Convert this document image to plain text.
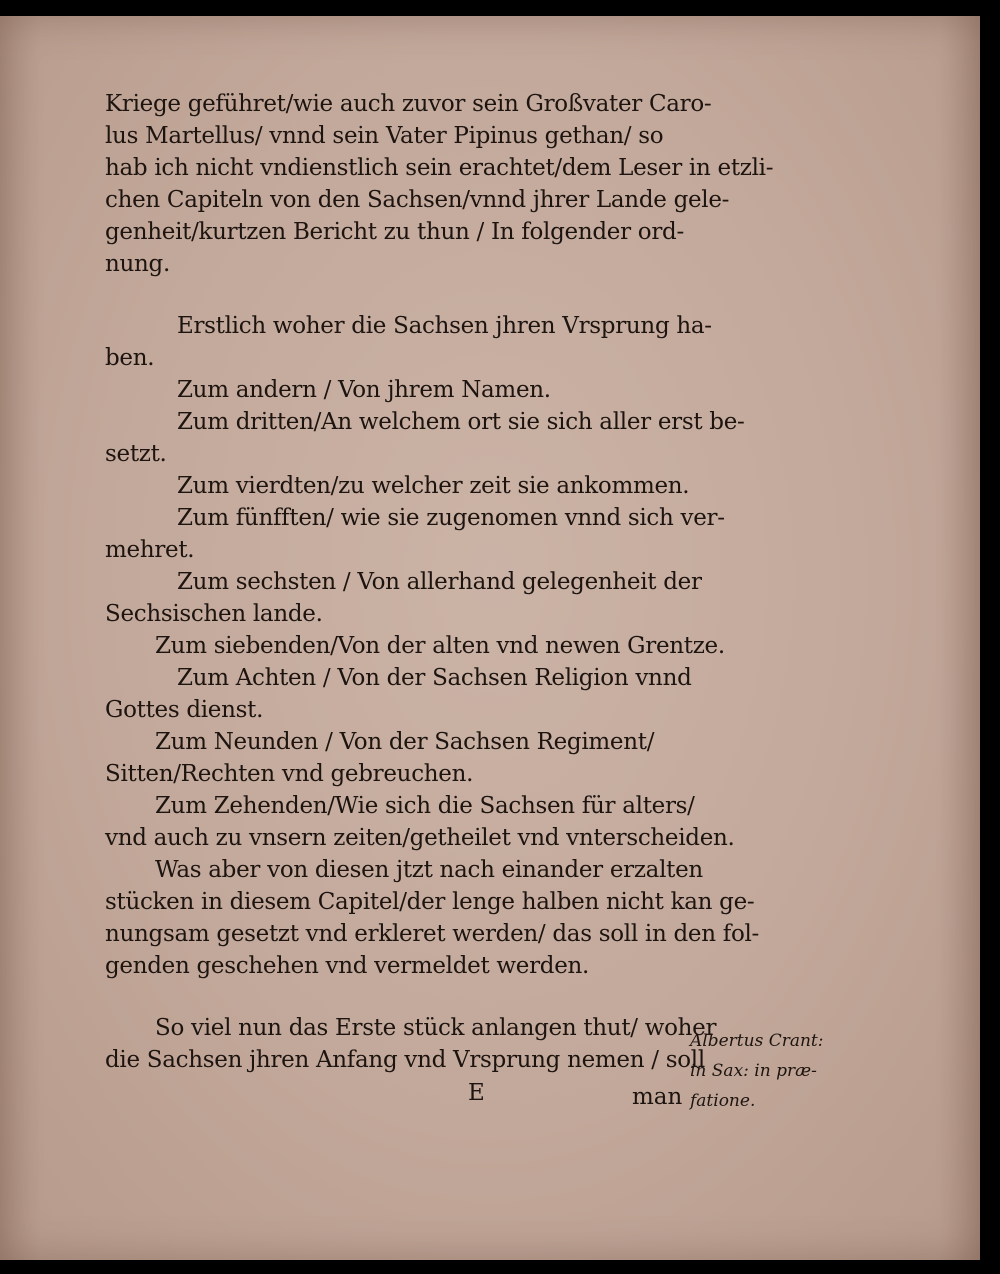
Kriege geführet/wie auch zuvor sein Großvater Caro-
lus Martellus/ vnnd sein Vater Pipinus gethan/ so
hab ich nicht vndienstlich sein erachtet/dem Leser in etzli-
chen Capiteln von den Sachsen/vnnd jhrer Lande gele-
genheit/kurtzen Bericht zu thun / In folgender ord-
nung.
Erstlich woher die Sachsen jhren Vrsprung ha-
ben.
Zum andern / Von jhrem Namen.
Zum dritten/An welchem ort sie sich aller erst be-
setzt.
Zum vierdten/zu welcher zeit sie ankommen.
Zum fünfften/ wie sie zugenomen vnnd sich ver-
mehret.
Zum sechsten / Von allerhand gelegenheit der
Sechsischen lande.
Zum siebenden/Von der alten vnd newen Grentze.
Zum Achten / Von der Sachsen Religion vnnd
Gottes dienst.
Zum Neunden / Von der Sachsen Regiment/
Sitten/Rechten vnd gebreuchen.
Zum Zehenden/Wie sich die Sachsen für alters/
vnd auch zu vnsern zeiten/getheilet vnd vnterscheiden.
Was aber von diesen jtzt nach einander erzalten
stücken in diesem Capitel/der lenge halben nicht kan ge-
nungsam gesetzt vnd erkleret werden/ das soll in den fol-
genden geschehen vnd vermeldet werden.
So viel nun das Erste stück anlangen thut/ woher
die Sachsen jhren Anfang vnd Vrsprung nemen / soll
Albertus Crant:
in Sax: in præ-
fatione.
E	man
